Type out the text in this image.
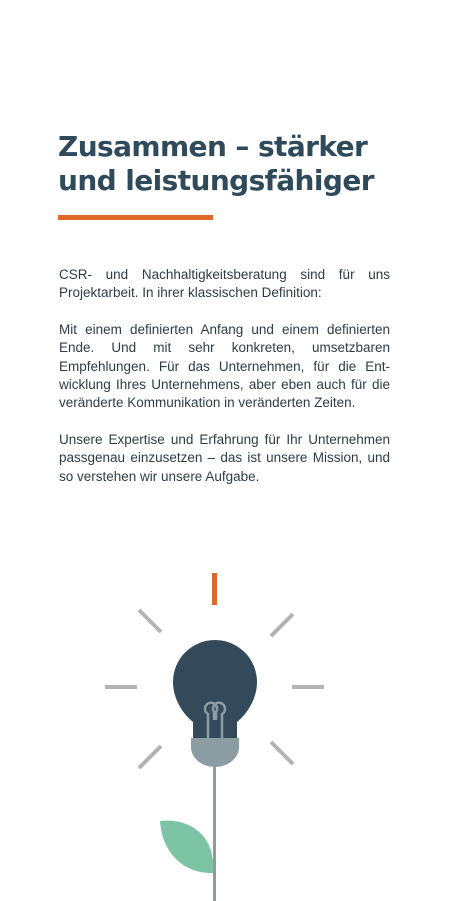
Zusammen – stärker
und leistungsfähiger

CSR- und Nachhaltigkeitsberatung sind für uns Projektarbeit. In ihrer klassischen Definition:

Mit einem definierten Anfang und einem definierten Ende. Und mit sehr konkreten, umsetzbaren Empfehlungen. Für das Unternehmen, für die Entwicklung Ihres Unternehmens, aber eben auch für die veränderte Kommunikation in veränderten Zeiten.

Unsere Expertise und Erfahrung für Ihr Unternehmen passgenau einzusetzen – das ist unsere Mission, und so verstehen wir unsere Aufgabe.
